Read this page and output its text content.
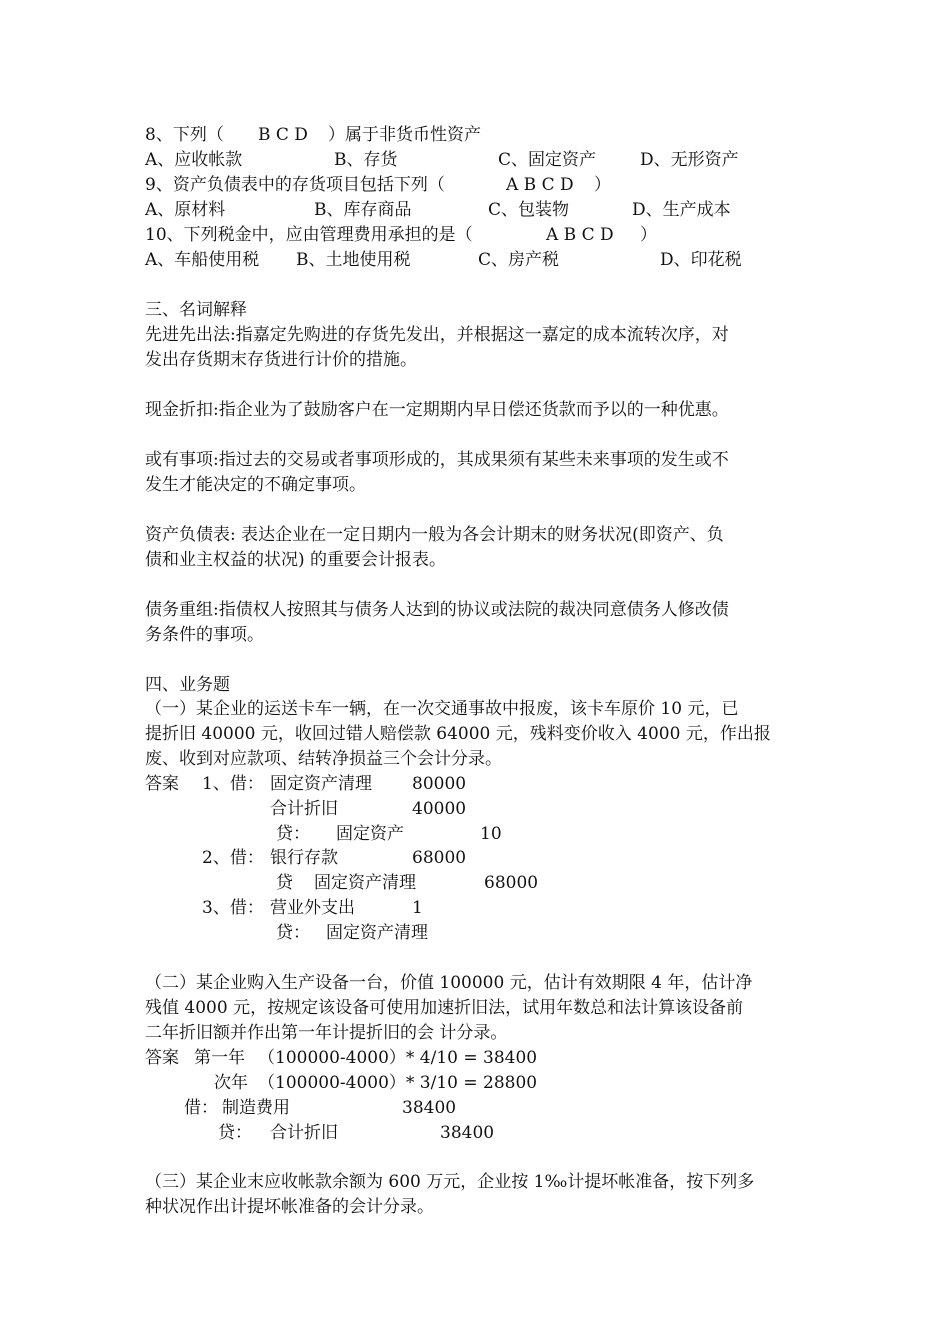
8、下列（ B C D ）属于非货币性资产
A、应收帐款	B、存货	C、固定资产	D、无形资产
9、资产负债表中的存货项目包括下列（	A B C D ）
A、原材料	B、库存商品	C、包装物	D、生产成本
10、下列税金中，应由管理费用承担的是（	A B C D ）
A、车船使用税 B、土地使用税	C、房产税	D、印花税
三、名词解释
先进先出法:指嘉定先购进的存货先发出，并根据这一嘉定的成本流转次序，对
发出存货期末存货进行计价的措施。
现金折扣:指企业为了鼓励客户在一定期期内早日偿还货款而予以的一种优惠。
或有事项:指过去的交易或者事项形成的，其成果须有某些未来事项的发生或不
发生才能决定的不确定事项。
资产负债表: 表达企业在一定日期内一般为各会计期末的财务状况(即资产、负
债和业主权益的状况) 的重要会计报表。
债务重组:指债权人按照其与债务人达到的协议或法院的裁决同意债务人修改债
务条件的事项。
四、业务题
（一）某企业的运送卡车一辆，在一次交通事故中报废，该卡车原价 10 元，已
提折旧 40000 元，收回过错人赔偿款 64000 元，残料变价收入 4000 元，作出报
废、收到对应款项、结转净损益三个会计分录。
答案 1、借： 固定资产清理 80000
合计折旧	40000
贷： 固定资产	10
2、借： 银行存款	68000
贷 固定资产清理	68000
3、借： 营业外支出	1
贷： 固定资产清理
（二）某企业购入生产设备一台，价值 100000 元，估计有效期限 4 年，估计净
残值 4000 元，按规定该设备可使用加速折旧法，试用年数总和法计算该设备前
二年折旧额并作出第一年计提折旧的会 计分录。
答案 第一年 （100000-4000）* 4/10 = 38400
次年 （100000-4000）* 3/10 = 28800
借： 制造费用	38400
贷： 合计折旧	38400
（三）某企业末应收帐款余额为 600 万元，企业按 1‰计提坏帐准备，按下列多
种状况作出计提坏帐准备的会计分录。
